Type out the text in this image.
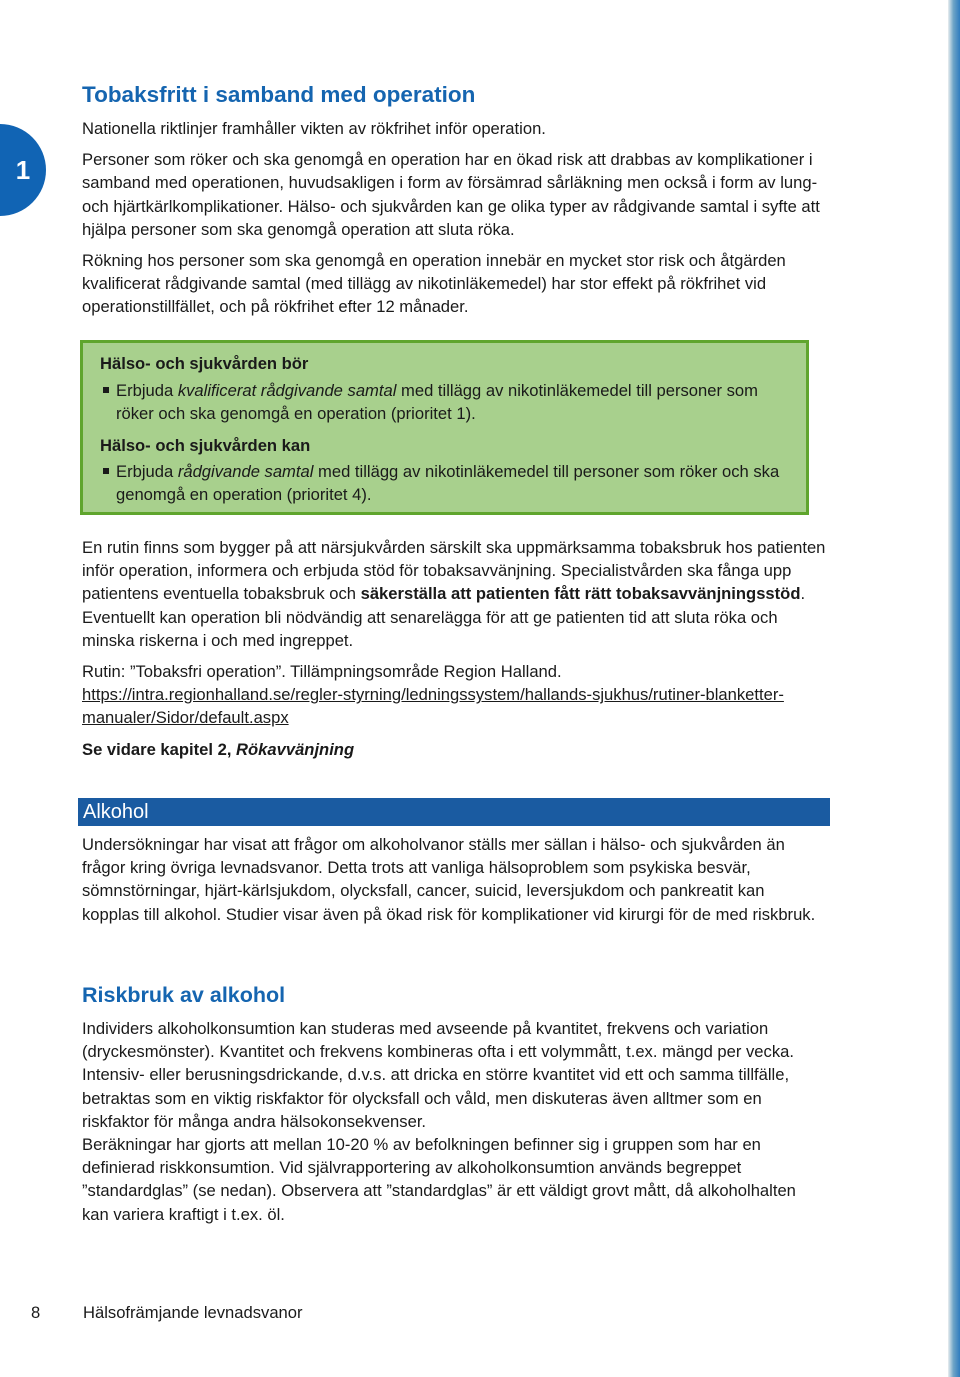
1
Tobaksfritt i samband med operation

Nationella riktlinjer framhåller vikten av rökfrihet inför operation.

Personer som röker och ska genomgå en operation har en ökad risk att drabbas av komplikationer i samband med operationen, huvudsakligen i form av försämrad sårläkning men också i form av lung- och hjärtkärlkomplikationer. Hälso- och sjukvården kan ge olika typer av rådgivande samtal i syfte att hjälpa personer som ska genomgå operation att sluta röka.

Rökning hos personer som ska genomgå en operation innebär en mycket stor risk och åtgärden kvalificerat rådgivande samtal (med tillägg av nikotinläkemedel) har stor effekt på rökfrihet vid operationstillfället, och på rökfrihet efter 12 månader.

Hälso- och sjukvården bör

Erbjuda kvalificerat rådgivande samtal med tillägg av nikotinläkemedel till personer som röker och ska genomgå en operation (prioritet 1).

Hälso- och sjukvården kan

Erbjuda rådgivande samtal med tillägg av nikotinläkemedel till personer som röker och ska genomgå en operation (prioritet 4).

En rutin finns som bygger på att närsjukvården särskilt ska uppmärksamma tobaksbruk hos patienten inför operation, informera och erbjuda stöd för tobaksavvänjning. Specialistvården ska fånga upp patientens eventuella tobaksbruk och säkerställa att patienten fått rätt tobaksavvänjningsstöd. Eventuellt kan operation bli nödvändig att senarelägga för att ge patienten tid att sluta röka och minska riskerna i och med ingreppet.

Rutin: ”Tobaksfri operation”. Tillämpningsområde Region Halland.

https://intra.regionhalland.se/regler-styrning/ledningssystem/hallands-sjukhus/rutiner-blanketter-manualer/Sidor/default.aspx

Se vidare kapitel 2, Rökavvänjning

Alkohol

Undersökningar har visat att frågor om alkoholvanor ställs mer sällan i hälso- och sjukvården än frågor kring övriga levnadsvanor. Detta trots att vanliga hälsoproblem som psykiska besvär, sömnstörningar, hjärt-kärlsjukdom, olycksfall, cancer, suicid, leversjukdom och pankreatit kan kopplas till alkohol. Studier visar även på ökad risk för komplikationer vid kirurgi för de med riskbruk.

Riskbruk av alkohol

Individers alkoholkonsumtion kan studeras med avseende på kvantitet, frekvens och variation (dryckesmönster). Kvantitet och frekvens kombineras ofta i ett volymmått, t.ex. mängd per vecka. Intensiv- eller berusningsdrickande, d.v.s. att dricka en större kvantitet vid ett och samma tillfälle, betraktas som en viktig riskfaktor för olycksfall och våld, men diskuteras även alltmer som en riskfaktor för många andra hälsokonsekvenser.

Beräkningar har gjorts att mellan 10-20 % av befolkningen befinner sig i gruppen som har en definierad riskkonsumtion. Vid självrapportering av alkoholkonsumtion används begreppet ”standardglas” (se nedan). Observera att ”standardglas” är ett väldigt grovt mått, då alkoholhalten kan variera kraftigt i t.ex. öl.

8	Hälsofrämjande levnadsvanor
